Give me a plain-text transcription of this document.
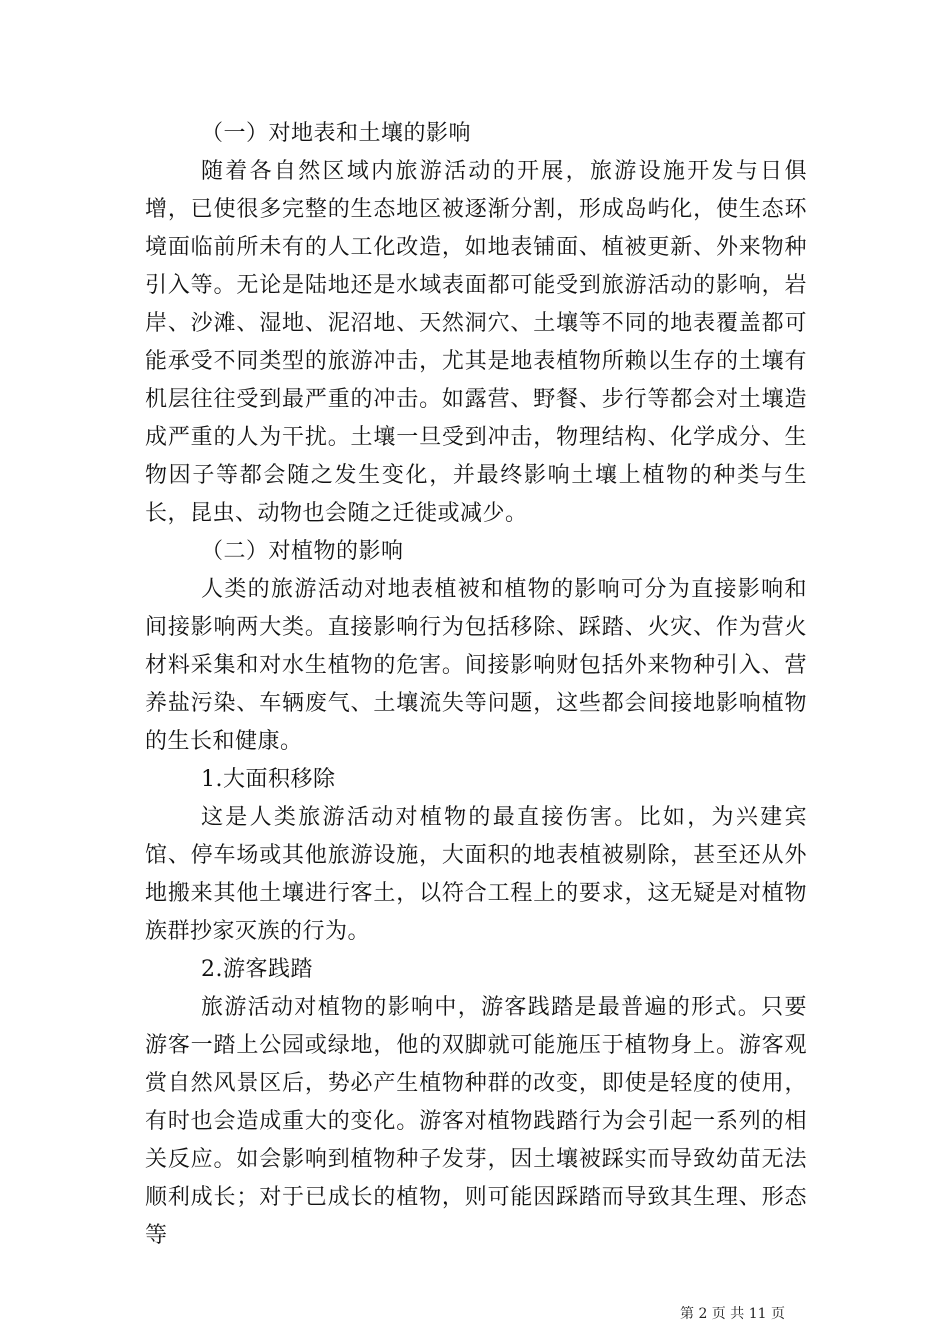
（一）对地表和土壤的影响

随着各自然区域内旅游活动的开展，旅游设施开发与日俱增，已使很多完整的生态地区被逐渐分割，形成岛屿化，使生态环境面临前所未有的人工化改造，如地表铺面、植被更新、外来物种引入等。无论是陆地还是水域表面都可能受到旅游活动的影响，岩岸、沙滩、湿地、泥沼地、天然洞穴、土壤等不同的地表覆盖都可能承受不同类型的旅游冲击，尤其是地表植物所赖以生存的土壤有机层往往受到最严重的冲击。如露营、野餐、步行等都会对土壤造成严重的人为干扰。土壤一旦受到冲击，物理结构、化学成分、生物因子等都会随之发生变化，并最终影响土壤上植物的种类与生长，昆虫、动物也会随之迁徙或减少。

（二）对植物的影响

人类的旅游活动对地表植被和植物的影响可分为直接影响和间接影响两大类。直接影响行为包括移除、踩踏、火灾、作为营火材料采集和对水生植物的危害。间接影响财包括外来物种引入、营养盐污染、车辆废气、土壤流失等问题，这些都会间接地影响植物的生长和健康。

1.大面积移除

这是人类旅游活动对植物的最直接伤害。比如，为兴建宾馆、停车场或其他旅游设施，大面积的地表植被剔除，甚至还从外地搬来其他土壤进行客土，以符合工程上的要求，这无疑是对植物族群抄家灭族的行为。

2.游客践踏

旅游活动对植物的影响中，游客践踏是最普遍的形式。只要游客一踏上公园或绿地，他的双脚就可能施压于植物身上。游客观赏自然风景区后，势必产生植物种群的改变，即使是轻度的使用，有时也会造成重大的变化。游客对植物践踏行为会引起一系列的相关反应。如会影响到植物种子发芽，因土壤被踩实而导致幼苗无法顺利成长；对于已成长的植物，则可能因踩踏而导致其生理、形态等

第 2 页 共 11 页
